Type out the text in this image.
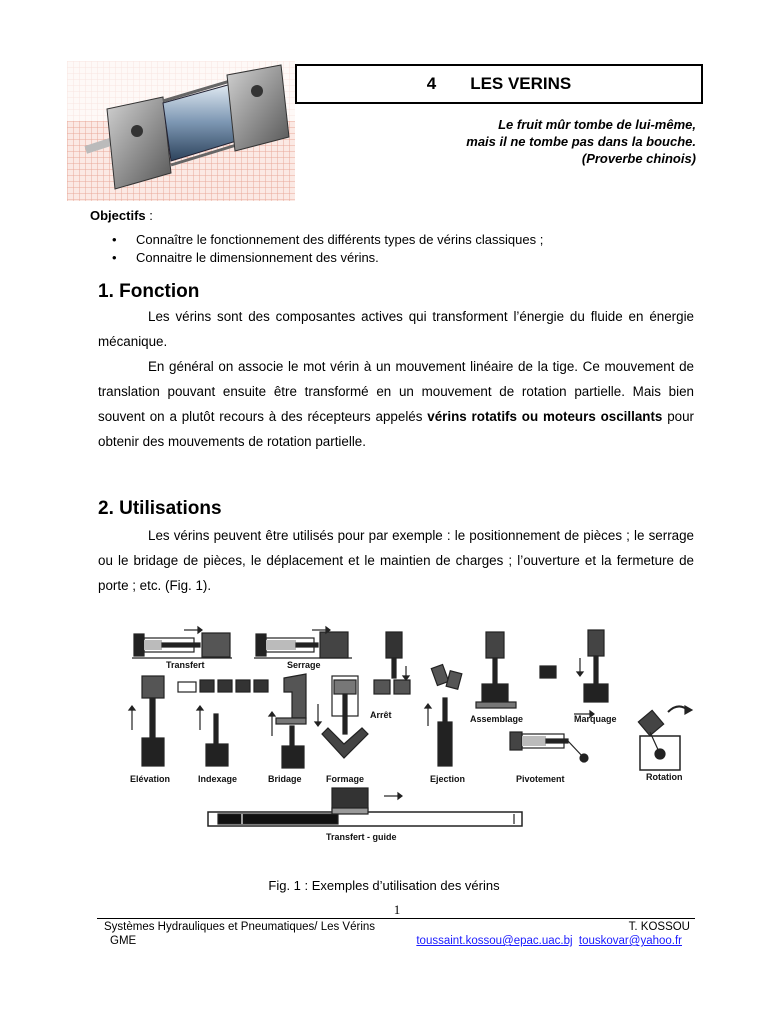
4 LES VERINS
Le fruit mûr tombe de lui-même,
mais il ne tombe pas dans la bouche.
(Proverbe chinois)
Objectifs :
• Connaître le fonctionnement des différents types de vérins classiques ;
• Connaitre le dimensionnement des vérins.
1. Fonction

Les vérins sont des composantes actives qui transforment l’énergie du fluide en énergie mécanique.

En général on associe le mot vérin à un mouvement linéaire de la tige. Ce mouvement de translation pouvant ensuite être transformé en un mouvement de rotation partielle. Mais bien souvent on a plutôt recours à des récepteurs appelés vérins rotatifs ou moteurs oscillants pour obtenir des mouvements de rotation partielle.

2. Utilisations

Les vérins peuvent être utilisés pour par exemple : le positionnement de pièces ; le serrage ou le bridage de pièces, le déplacement et le maintien de charges ; l’ouverture et la fermeture de porte ; etc. (Fig. 1).

Transfert	Serrage
Arrêt	Assemblage	Marquage
Elévation	Indexage	Bridage	Formage	Ejection	Pivotement	Rotation
Transfert - guide
Fig. 1 : Exemples d’utilisation des vérins
1
Systèmes Hydrauliques et Pneumatiques/ Les Vérins
GME
T. KOSSOU
toussaint.kossou@epac.uac.bj touskovar@yahoo.fr
